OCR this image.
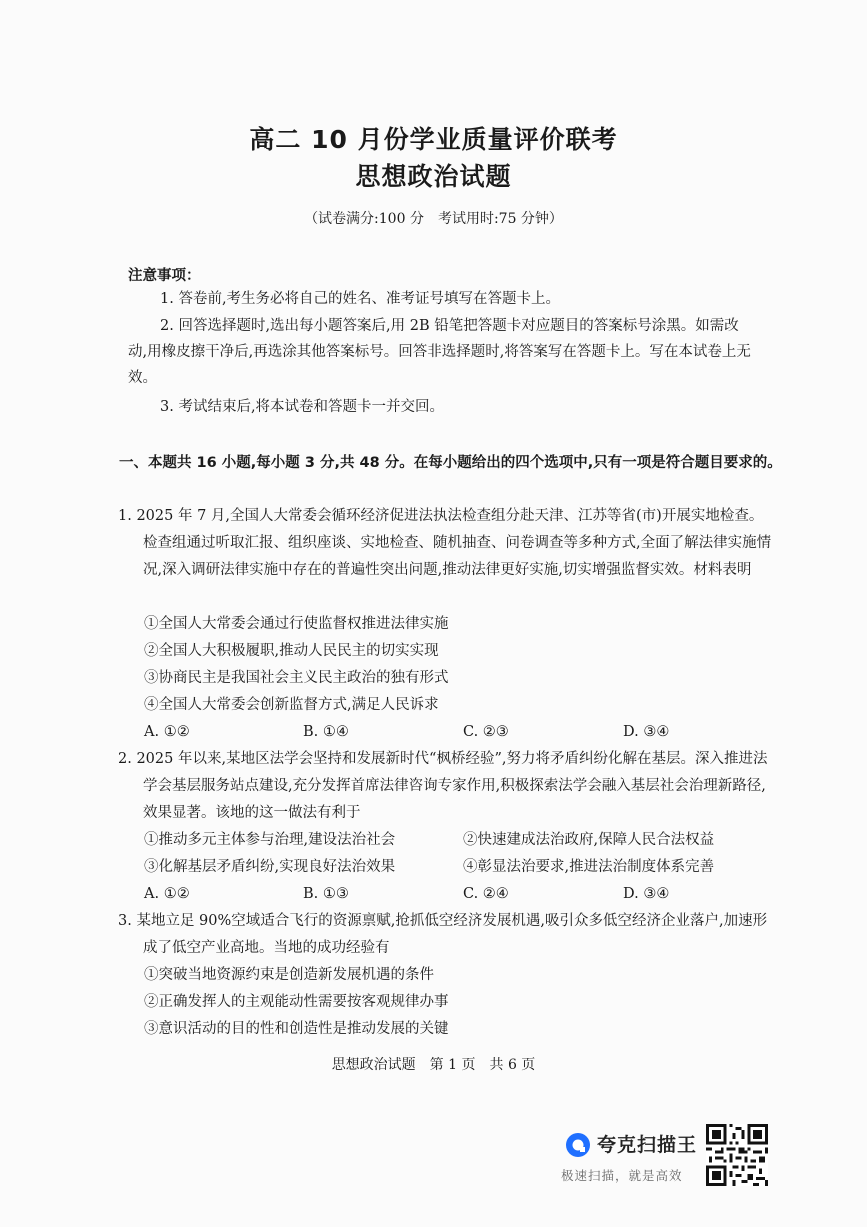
高二 10 月份学业质量评价联考
思想政治试题
（试卷满分:100 分　考试用时:75 分钟）
注意事项：
1. 答卷前,考生务必将自己的姓名、准考证号填写在答题卡上。
2. 回答选择题时,选出每小题答案后,用 2B 铅笔把答题卡对应题目的答案标号涂黑。如需改动,用橡皮擦干净后,再选涂其他答案标号。回答非选择题时,将答案写在答题卡上。写在本试卷上无效。
3. 考试结束后,将本试卷和答题卡一并交回。
一、本题共 16 小题,每小题 3 分,共 48 分。在每小题给出的四个选项中,只有一项是符合题目要求的。
1. 2025 年 7 月,全国人大常委会循环经济促进法执法检查组分赴天津、江苏等省(市)开展实地检查。检查组通过听取汇报、组织座谈、实地检查、随机抽查、问卷调查等多种方式,全面了解法律实施情况,深入调研法律实施中存在的普遍性突出问题,推动法律更好实施,切实增强监督实效。材料表明
①全国人大常委会通过行使监督权推进法律实施
②全国人大积极履职,推动人民民主的切实实现
③协商民主是我国社会主义民主政治的独有形式
④全国人大常委会创新监督方式,满足人民诉求
A. ①②	B. ①④	C. ②③	D. ③④
2. 2025 年以来,某地区法学会坚持和发展新时代“枫桥经验”,努力将矛盾纠纷化解在基层。深入推进法学会基层服务站点建设,充分发挥首席法律咨询专家作用,积极探索法学会融入基层社会治理新路径,效果显著。该地的这一做法有利于
①推动多元主体参与治理,建设法治社会	②快速建成法治政府,保障人民合法权益
③化解基层矛盾纠纷,实现良好法治效果	④彰显法治要求,推进法治制度体系完善
A. ①②	B. ①③	C. ②④	D. ③④
3. 某地立足 90%空域适合飞行的资源禀赋,抢抓低空经济发展机遇,吸引众多低空经济企业落户,加速形成了低空产业高地。当地的成功经验有
①突破当地资源约束是创造新发展机遇的条件
②正确发挥人的主观能动性需要按客观规律办事
③意识活动的目的性和创造性是推动发展的关键
思想政治试题　第 1 页　共 6 页
夸克扫描王
极速扫描，就是高效
